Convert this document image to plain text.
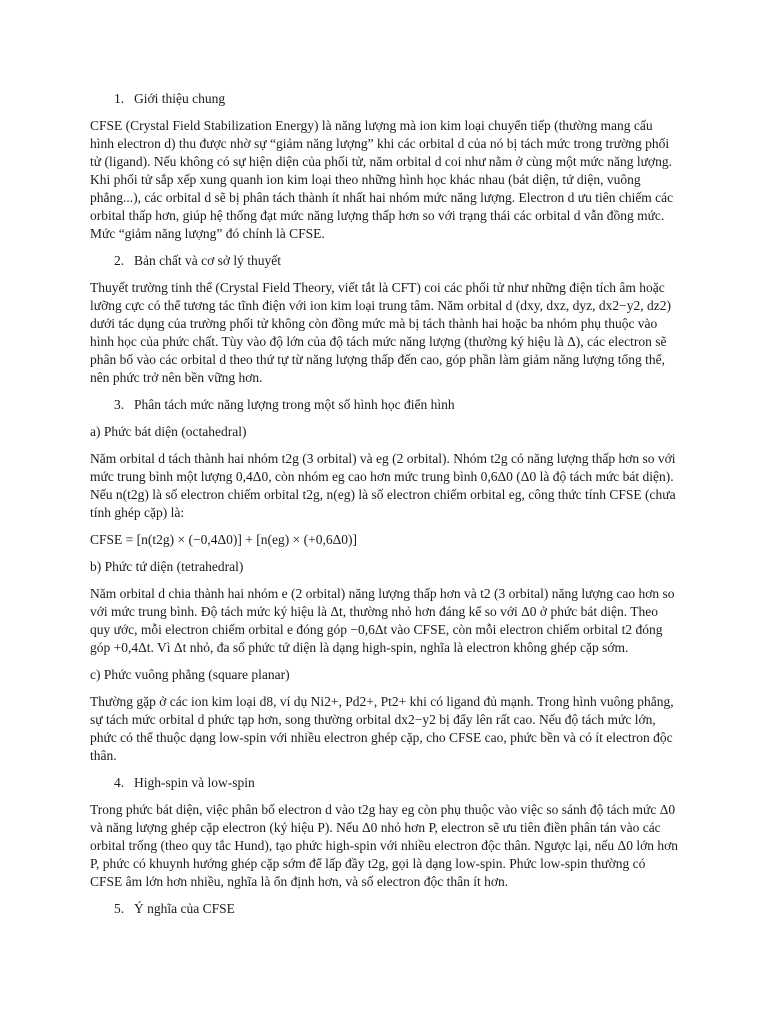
1. Giới thiệu chung

CFSE (Crystal Field Stabilization Energy) là năng lượng mà ion kim loại chuyển tiếp (thường mang cấu hình electron d) thu được nhờ sự “giảm năng lượng” khi các orbital d của nó bị tách mức trong trường phối tử (ligand). Nếu không có sự hiện diện của phối tử, năm orbital d coi như nằm ở cùng một mức năng lượng. Khi phối tử sắp xếp xung quanh ion kim loại theo những hình học khác nhau (bát diện, tứ diện, vuông phẳng...), các orbital d sẽ bị phân tách thành ít nhất hai nhóm mức năng lượng. Electron d ưu tiên chiếm các orbital thấp hơn, giúp hệ thống đạt mức năng lượng thấp hơn so với trạng thái các orbital d vẫn đồng mức. Mức “giảm năng lượng” đó chính là CFSE.

2. Bản chất và cơ sở lý thuyết

Thuyết trường tinh thể (Crystal Field Theory, viết tắt là CFT) coi các phối tử như những điện tích âm hoặc lưỡng cực có thể tương tác tĩnh điện với ion kim loại trung tâm. Năm orbital d (dxy, dxz, dyz, dx2−y2, dz2) dưới tác dụng của trường phối tử không còn đồng mức mà bị tách thành hai hoặc ba nhóm phụ thuộc vào hình học của phức chất. Tùy vào độ lớn của độ tách mức năng lượng (thường ký hiệu là Δ), các electron sẽ phân bố vào các orbital d theo thứ tự từ năng lượng thấp đến cao, góp phần làm giảm năng lượng tổng thể, nên phức trở nên bền vững hơn.

3. Phân tách mức năng lượng trong một số hình học điển hình

a) Phức bát diện (octahedral)

Năm orbital d tách thành hai nhóm t2g (3 orbital) và eg (2 orbital). Nhóm t2g có năng lượng thấp hơn so với mức trung bình một lượng 0,4Δ0, còn nhóm eg cao hơn mức trung bình 0,6Δ0 (Δ0 là độ tách mức bát diện). Nếu n(t2g) là số electron chiếm orbital t2g, n(eg) là số electron chiếm orbital eg, công thức tính CFSE (chưa tính ghép cặp) là:

CFSE = [n(t2g) × (−0,4Δ0)] + [n(eg) × (+0,6Δ0)]

b) Phức tứ diện (tetrahedral)

Năm orbital d chia thành hai nhóm e (2 orbital) năng lượng thấp hơn và t2 (3 orbital) năng lượng cao hơn so với mức trung bình. Độ tách mức ký hiệu là Δt, thường nhỏ hơn đáng kể so với Δ0 ở phức bát diện. Theo quy ước, mỗi electron chiếm orbital e đóng góp −0,6Δt vào CFSE, còn mỗi electron chiếm orbital t2 đóng góp +0,4Δt. Vì Δt nhỏ, đa số phức tứ diện là dạng high-spin, nghĩa là electron không ghép cặp sớm.

c) Phức vuông phẳng (square planar)

Thường gặp ở các ion kim loại d8, ví dụ Ni2+, Pd2+, Pt2+ khi có ligand đủ mạnh. Trong hình vuông phẳng, sự tách mức orbital d phức tạp hơn, song thường orbital dx2−y2 bị đẩy lên rất cao. Nếu độ tách mức lớn, phức có thể thuộc dạng low-spin với nhiều electron ghép cặp, cho CFSE cao, phức bền và có ít electron độc thân.

4. High-spin và low-spin

Trong phức bát diện, việc phân bố electron d vào t2g hay eg còn phụ thuộc vào việc so sánh độ tách mức Δ0 và năng lượng ghép cặp electron (ký hiệu P). Nếu Δ0 nhỏ hơn P, electron sẽ ưu tiên điền phân tán vào các orbital trống (theo quy tắc Hund), tạo phức high-spin với nhiều electron độc thân. Ngược lại, nếu Δ0 lớn hơn P, phức có khuynh hướng ghép cặp sớm để lấp đầy t2g, gọi là dạng low-spin. Phức low-spin thường có CFSE âm lớn hơn nhiều, nghĩa là ổn định hơn, và số electron độc thân ít hơn.

5. Ý nghĩa của CFSE
